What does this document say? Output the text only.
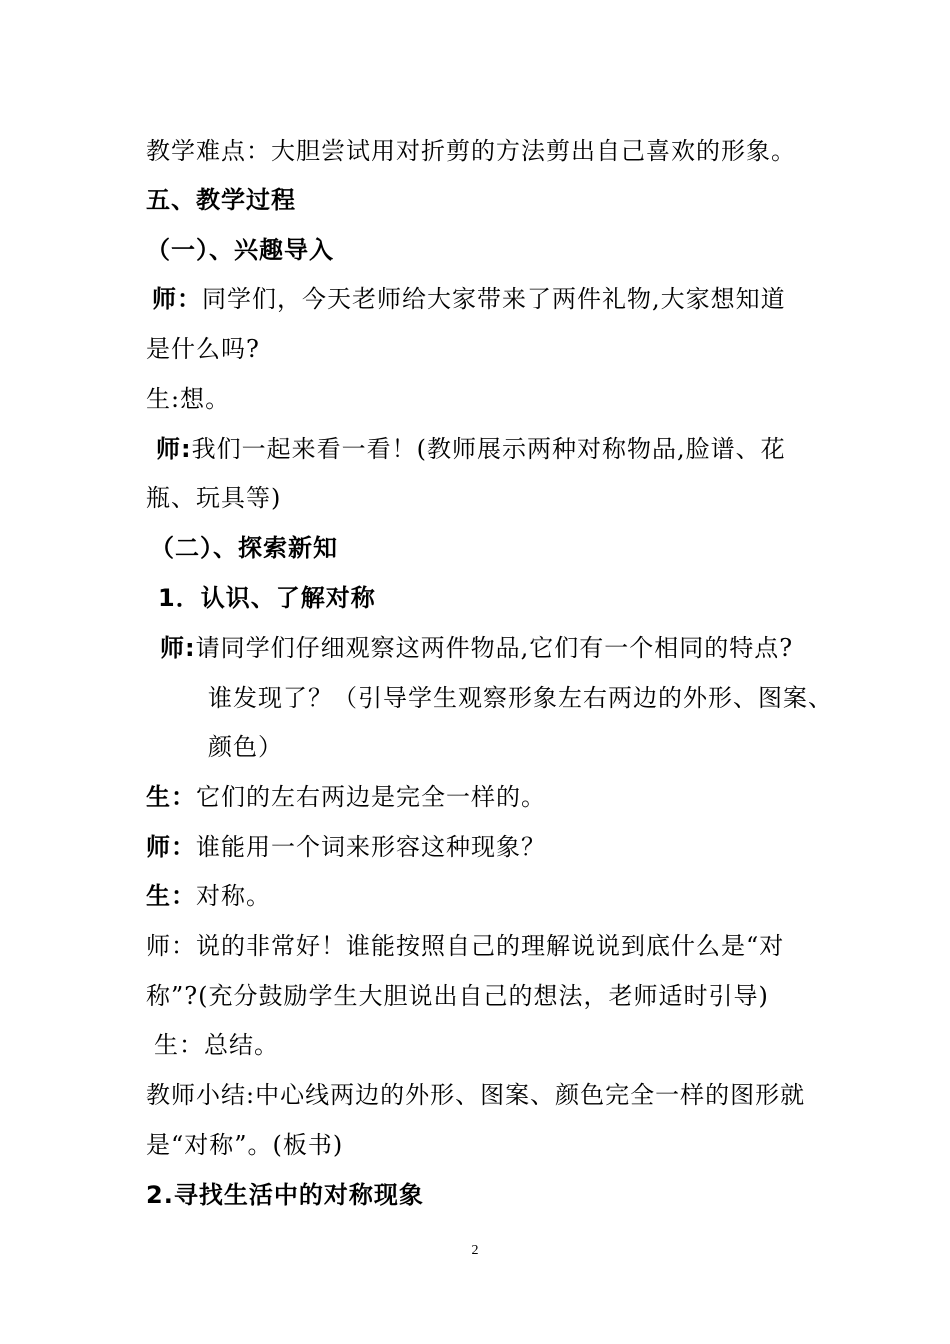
教学难点：大胆尝试用对折剪的方法剪出自己喜欢的形象。
五、教学过程
（一）、兴趣导入
师：同学们，今天老师给大家带来了两件礼物,大家想知道
是什么吗?
生:想。
师:我们一起来看一看！(教师展示两种对称物品,脸谱、花
瓶、玩具等)
（二）、探索新知
1．认识、了解对称
师:请同学们仔细观察这两件物品,它们有一个相同的特点?
谁发现了？（引导学生观察形象左右两边的外形、图案、
颜色）
生：它们的左右两边是完全一样的。
师：谁能用一个词来形容这种现象？
生：对称。
师：说的非常好！谁能按照自己的理解说说到底什么是“对
称”?(充分鼓励学生大胆说出自己的想法，老师适时引导)
生：总结。
教师小结:中心线两边的外形、图案、颜色完全一样的图形就
是“对称”。(板书)
2.寻找生活中的对称现象
2
